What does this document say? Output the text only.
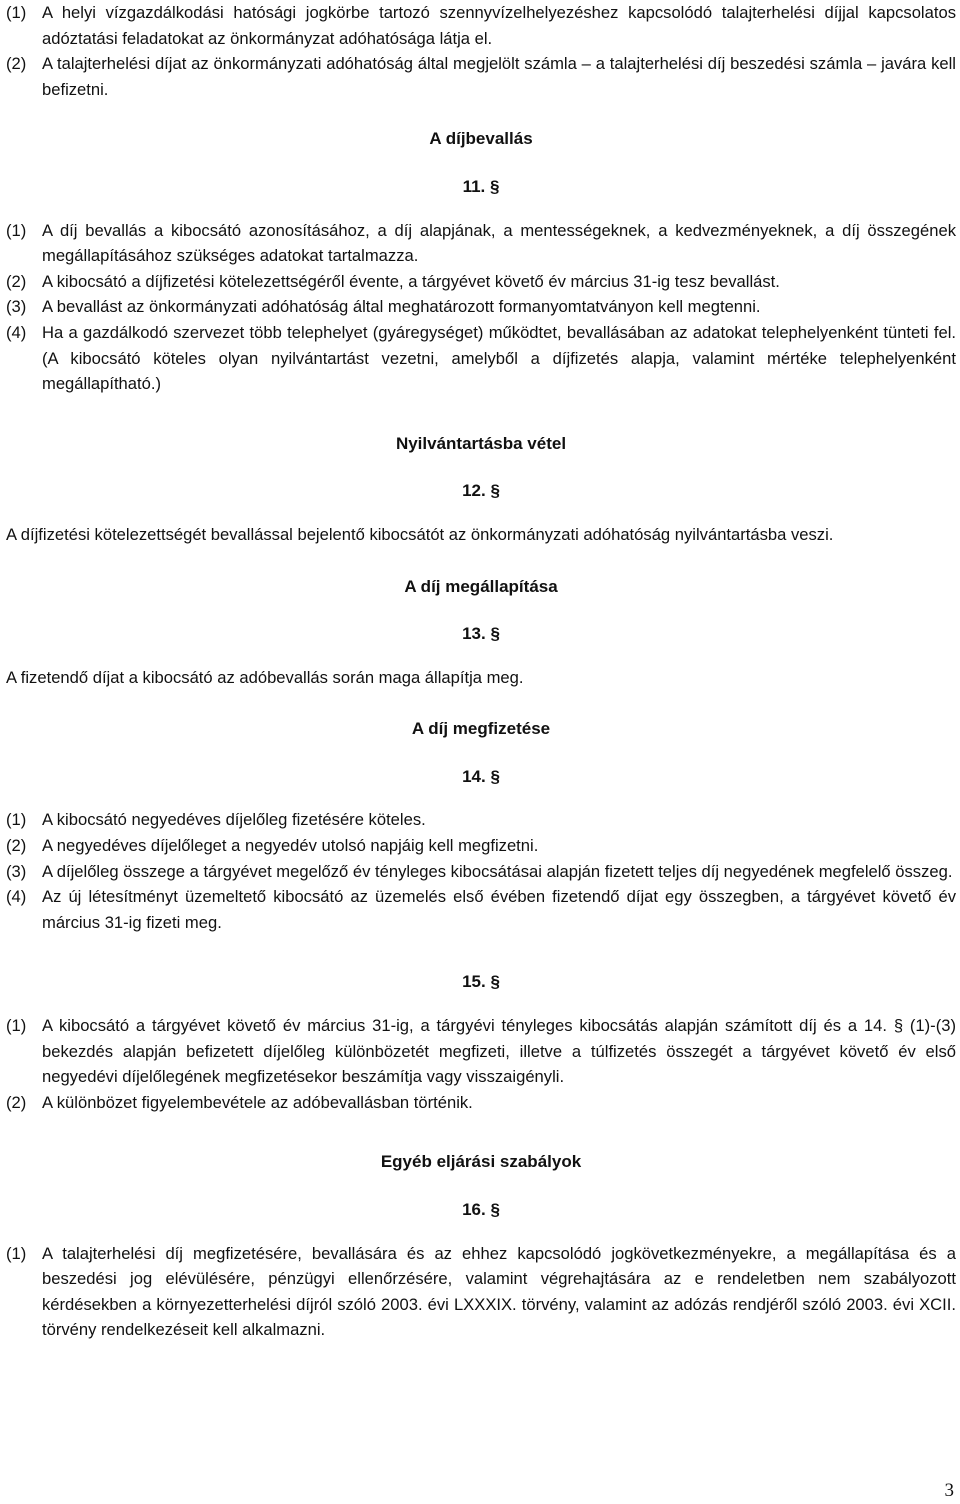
(1) A helyi vízgazdálkodási hatósági jogkörbe tartozó szennyvízelhelyezéshez kapcsolódó talajterhelési díjjal kapcsolatos adóztatási feladatokat az önkormányzat adóhatósága látja el.
(2) A talajterhelési díjat az önkormányzati adóhatóság által megjelölt számla – a talajterhelési díj beszedési számla – javára kell befizetni.

A díjbevallás

11. §

(1) A díj bevallás a kibocsátó azonosításához, a díj alapjának, a mentességeknek, a kedvezményeknek, a díj összegének megállapításához szükséges adatokat tartalmazza.
(2) A kibocsátó a díjfizetési kötelezettségéről évente, a tárgyévet követő év március 31-ig tesz bevallást.
(3) A bevallást az önkormányzati adóhatóság által meghatározott formanyomtatványon kell megtenni.
(4) Ha a gazdálkodó szervezet több telephelyet (gyáregységet) működtet, bevallásában az adatokat telephelyenként tünteti fel. (A kibocsátó köteles olyan nyilvántartást vezetni, amelyből a díjfizetés alapja, valamint mértéke telephelyenként megállapítható.)

Nyilvántartásba vétel

12. §

A díjfizetési kötelezettségét bevallással bejelentő kibocsátót az önkormányzati adóhatóság nyilvántartásba veszi.

A díj megállapítása

13. §

A fizetendő díjat a kibocsátó az adóbevallás során maga állapítja meg.

A díj megfizetése

14. §

(1) A kibocsátó negyedéves díjelőleg fizetésére köteles.
(2) A negyedéves díjelőleget a negyedév utolsó napjáig kell megfizetni.
(3) A díjelőleg összege a tárgyévet megelőző év tényleges kibocsátásai alapján fizetett teljes díj negyedének megfelelő összeg.
(4) Az új létesítményt üzemeltető kibocsátó az üzemelés első évében fizetendő díjat egy összegben, a tárgyévet követő év március 31-ig fizeti meg.

15. §

(1) A kibocsátó a tárgyévet követő év március 31-ig, a tárgyévi tényleges kibocsátás alapján számított díj és a 14. § (1)-(3) bekezdés alapján befizetett díjelőleg különbözetét megfizeti, illetve a túlfizetés összegét a tárgyévet követő év első negyedévi díjelőlegének megfizetésekor beszámítja vagy visszaigényli.
(2) A különbözet figyelembevétele az adóbevallásban történik.

Egyéb eljárási szabályok

16. §

(1) A talajterhelési díj megfizetésére, bevallására és az ehhez kapcsolódó jogkövetkezményekre, a megállapítása és a beszedési jog elévülésére, pénzügyi ellenőrzésére, valamint végrehajtására az e rendeletben nem szabályozott kérdésekben a környezetterhelési díjról szóló 2003. évi LXXXIX. törvény, valamint az adózás rendjéről szóló 2003. évi XCII. törvény rendelkezéseit kell alkalmazni.
3
